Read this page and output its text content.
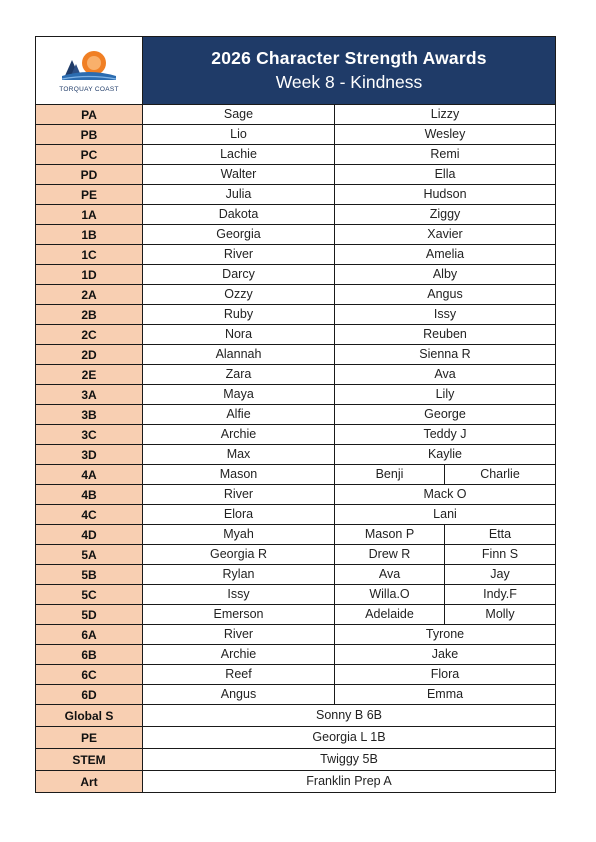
TORQUAY COAST	2026 Character Strength Awards
Week 8 - Kindness		

PA	Sage	Lizzy	
PB	Lio	Wesley	
PC	Lachie	Remi	
PD	Walter	Ella	
PE	Julia	Hudson	
1A	Dakota	Ziggy	
1B	Georgia	Xavier	
1C	River	Amelia	
1D	Darcy	Alby	
2A	Ozzy	Angus	
2B	Ruby	Issy	
2C	Nora	Reuben	
2D	Alannah	Sienna R	
2E	Zara	Ava	
3A	Maya	Lily	
3B	Alfie	George	
3C	Archie	Teddy J	
3D	Max	Kaylie	
4A	Mason	Benji	Charlie
4B	River	Mack O	
4C	Elora	Lani	
4D	Myah	Mason P	Etta
5A	Georgia R	Drew R	Finn S
5B	Rylan	Ava	Jay
5C	Issy	Willa.O	Indy.F
5D	Emerson	Adelaide	Molly
6A	River	Tyrone	
6B	Archie	Jake	
6C	Reef	Flora	
6D	Angus	Emma	
Global S	Sonny B 6B		
PE	Georgia L 1B		
STEM	Twiggy 5B		
Art	Franklin Prep A		
